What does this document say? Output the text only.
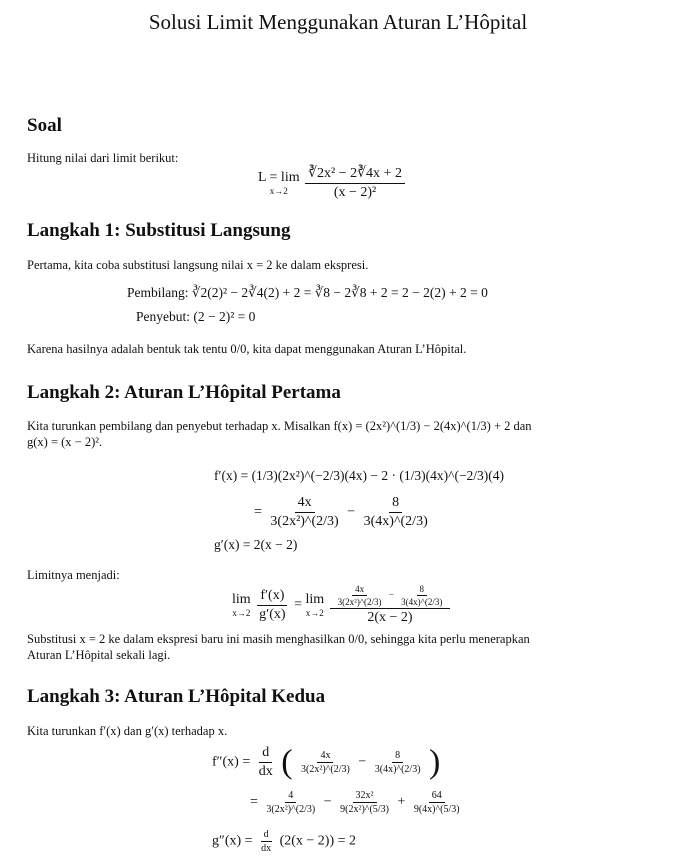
Solusi Limit Menggunakan Aturan L’Hôpital
Soal

Hitung nilai dari limit berikut:

L = lim
x→2
$\frac{\text{∛2x² − 2∛4x + 2}}{\text{(x − 2)²}}$
Langkah 1: Substitusi Langsung

Pertama, kita coba substitusi langsung nilai x = 2 ke dalam ekspresi.

Pembilang: ∛2(2)² − 2∛4(2) + 2 = ∛8 − 2∛8 + 2 = 2 − 2(2) + 2 = 0
Penyebut: (2 − 2)² = 0

Karena hasilnya adalah bentuk tak tentu 0/0, kita dapat menggunakan Aturan L’Hôpital.

Langkah 2: Aturan L’Hôpital Pertama

Kita turunkan pembilang dan penyebut terhadap x. Misalkan f(x) = (2x²)^(1/3) − 2(4x)^(1/3) + 2 dan

g(x) = (x − 2)².

f′(x) = (1/3)(2x²)^(−2/3)(4x) − 2 · (1/3)(4x)^(−2/3)(4)
= $\frac{4x}{\text{3(2x²)\textasciicircum{}(2/3)}} - \frac{8}{3(4x)\^{}(2/3)}$
g′(x) = 2(x − 2)

Limitnya menjadi:

lim
x→2
$\frac{f'(x)}{g'(x)} = \lim$
x→2

$\frac{4x}{\text{3(2x²)\textasciicircum{}(2/3)}} - \frac{8}{3(4x)\^{}(2/3)}$
2(x − 2)

Substitusi x = 2 ke dalam ekspresi baru ini masih menghasilkan 0/0, sehingga kita perlu menerapkan

Aturan L’Hôpital sekali lagi.

Langkah 3: Aturan L’Hôpital Kedua

Kita turunkan f′(x) dan g′(x) terhadap x.

$f''(x) = \frac{d}{dx}$ ( $\frac{4x}{\text{3(2x²)\textasciicircum{}(2/3)}} - \frac{8}{3(4x)\^{}(2/3)}$ )
= $\frac{4}{\text{3(2x²)\textasciicircum{}(2/3)}} - \frac{\text{32x²}}{\text{9(2x²)\textasciicircum{}(5/3)}} + \frac{64}{9(4x)\^{}(5/3)}$
$g''(x) = \frac{d}{dx} (2(x - 2)) = 2$
